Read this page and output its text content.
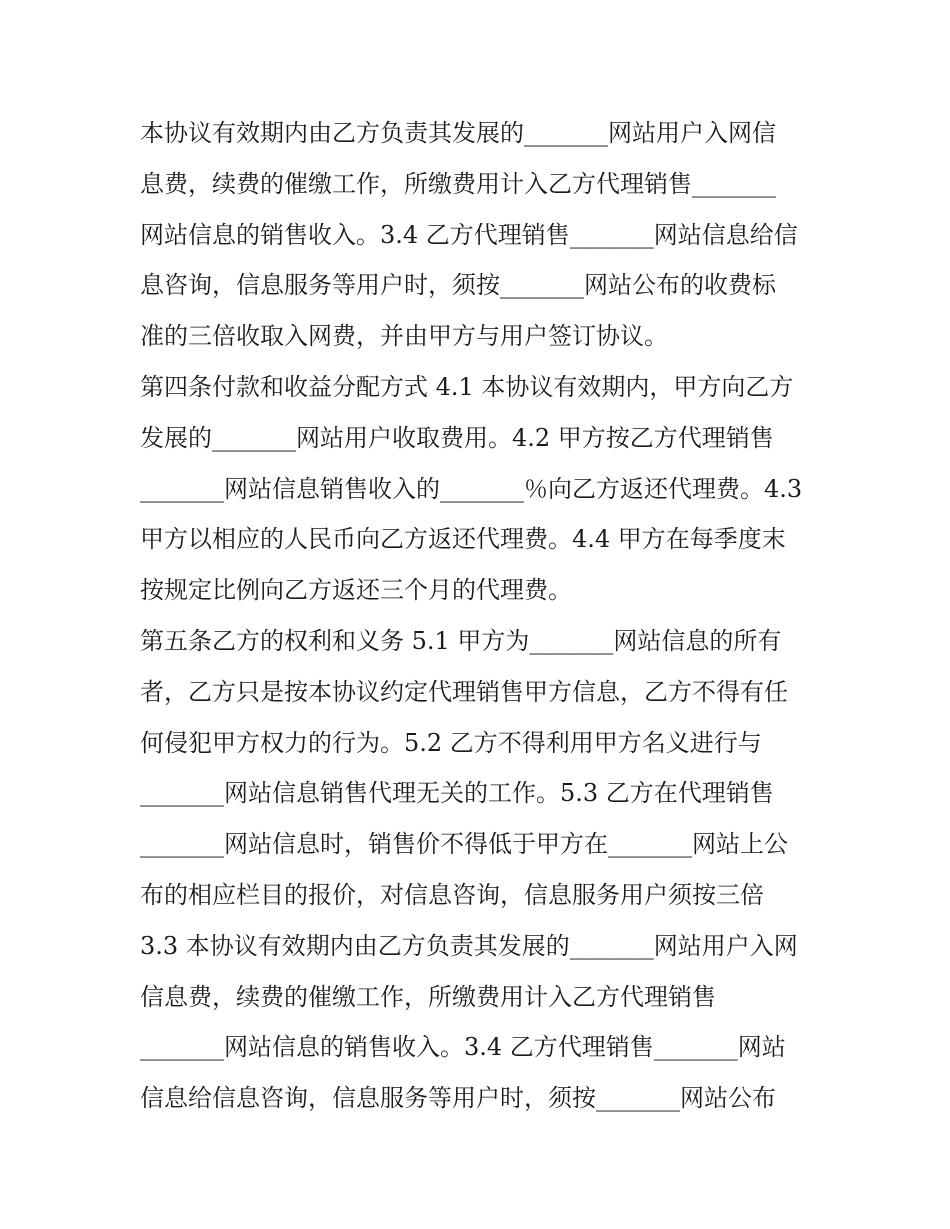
本协议有效期内由乙方负责其发展的_______网站用户入网信

息费，续费的催缴工作，所缴费用计入乙方代理销售_______

网站信息的销售收入。3.4 乙方代理销售_______网站信息给信

息咨询，信息服务等用户时，须按_______网站公布的收费标

准的三倍收取入网费，并由甲方与用户签订协议。

第四条付款和收益分配方式 4.1 本协议有效期内，甲方向乙方

发展的_______网站用户收取费用。4.2 甲方按乙方代理销售

_______网站信息销售收入的_______％向乙方返还代理费。4.3

甲方以相应的人民币向乙方返还代理费。4.4 甲方在每季度末

按规定比例向乙方返还三个月的代理费。

第五条乙方的权利和义务 5.1 甲方为_______网站信息的所有

者，乙方只是按本协议约定代理销售甲方信息，乙方不得有任

何侵犯甲方权力的行为。5.2 乙方不得利用甲方名义进行与

_______网站信息销售代理无关的工作。5.3 乙方在代理销售

_______网站信息时，销售价不得低于甲方在_______网站上公

布的相应栏目的报价，对信息咨询，信息服务用户须按三倍

3.3 本协议有效期内由乙方负责其发展的_______网站用户入网

信息费，续费的催缴工作，所缴费用计入乙方代理销售

_______网站信息的销售收入。3.4 乙方代理销售_______网站

信息给信息咨询，信息服务等用户时，须按_______网站公布
